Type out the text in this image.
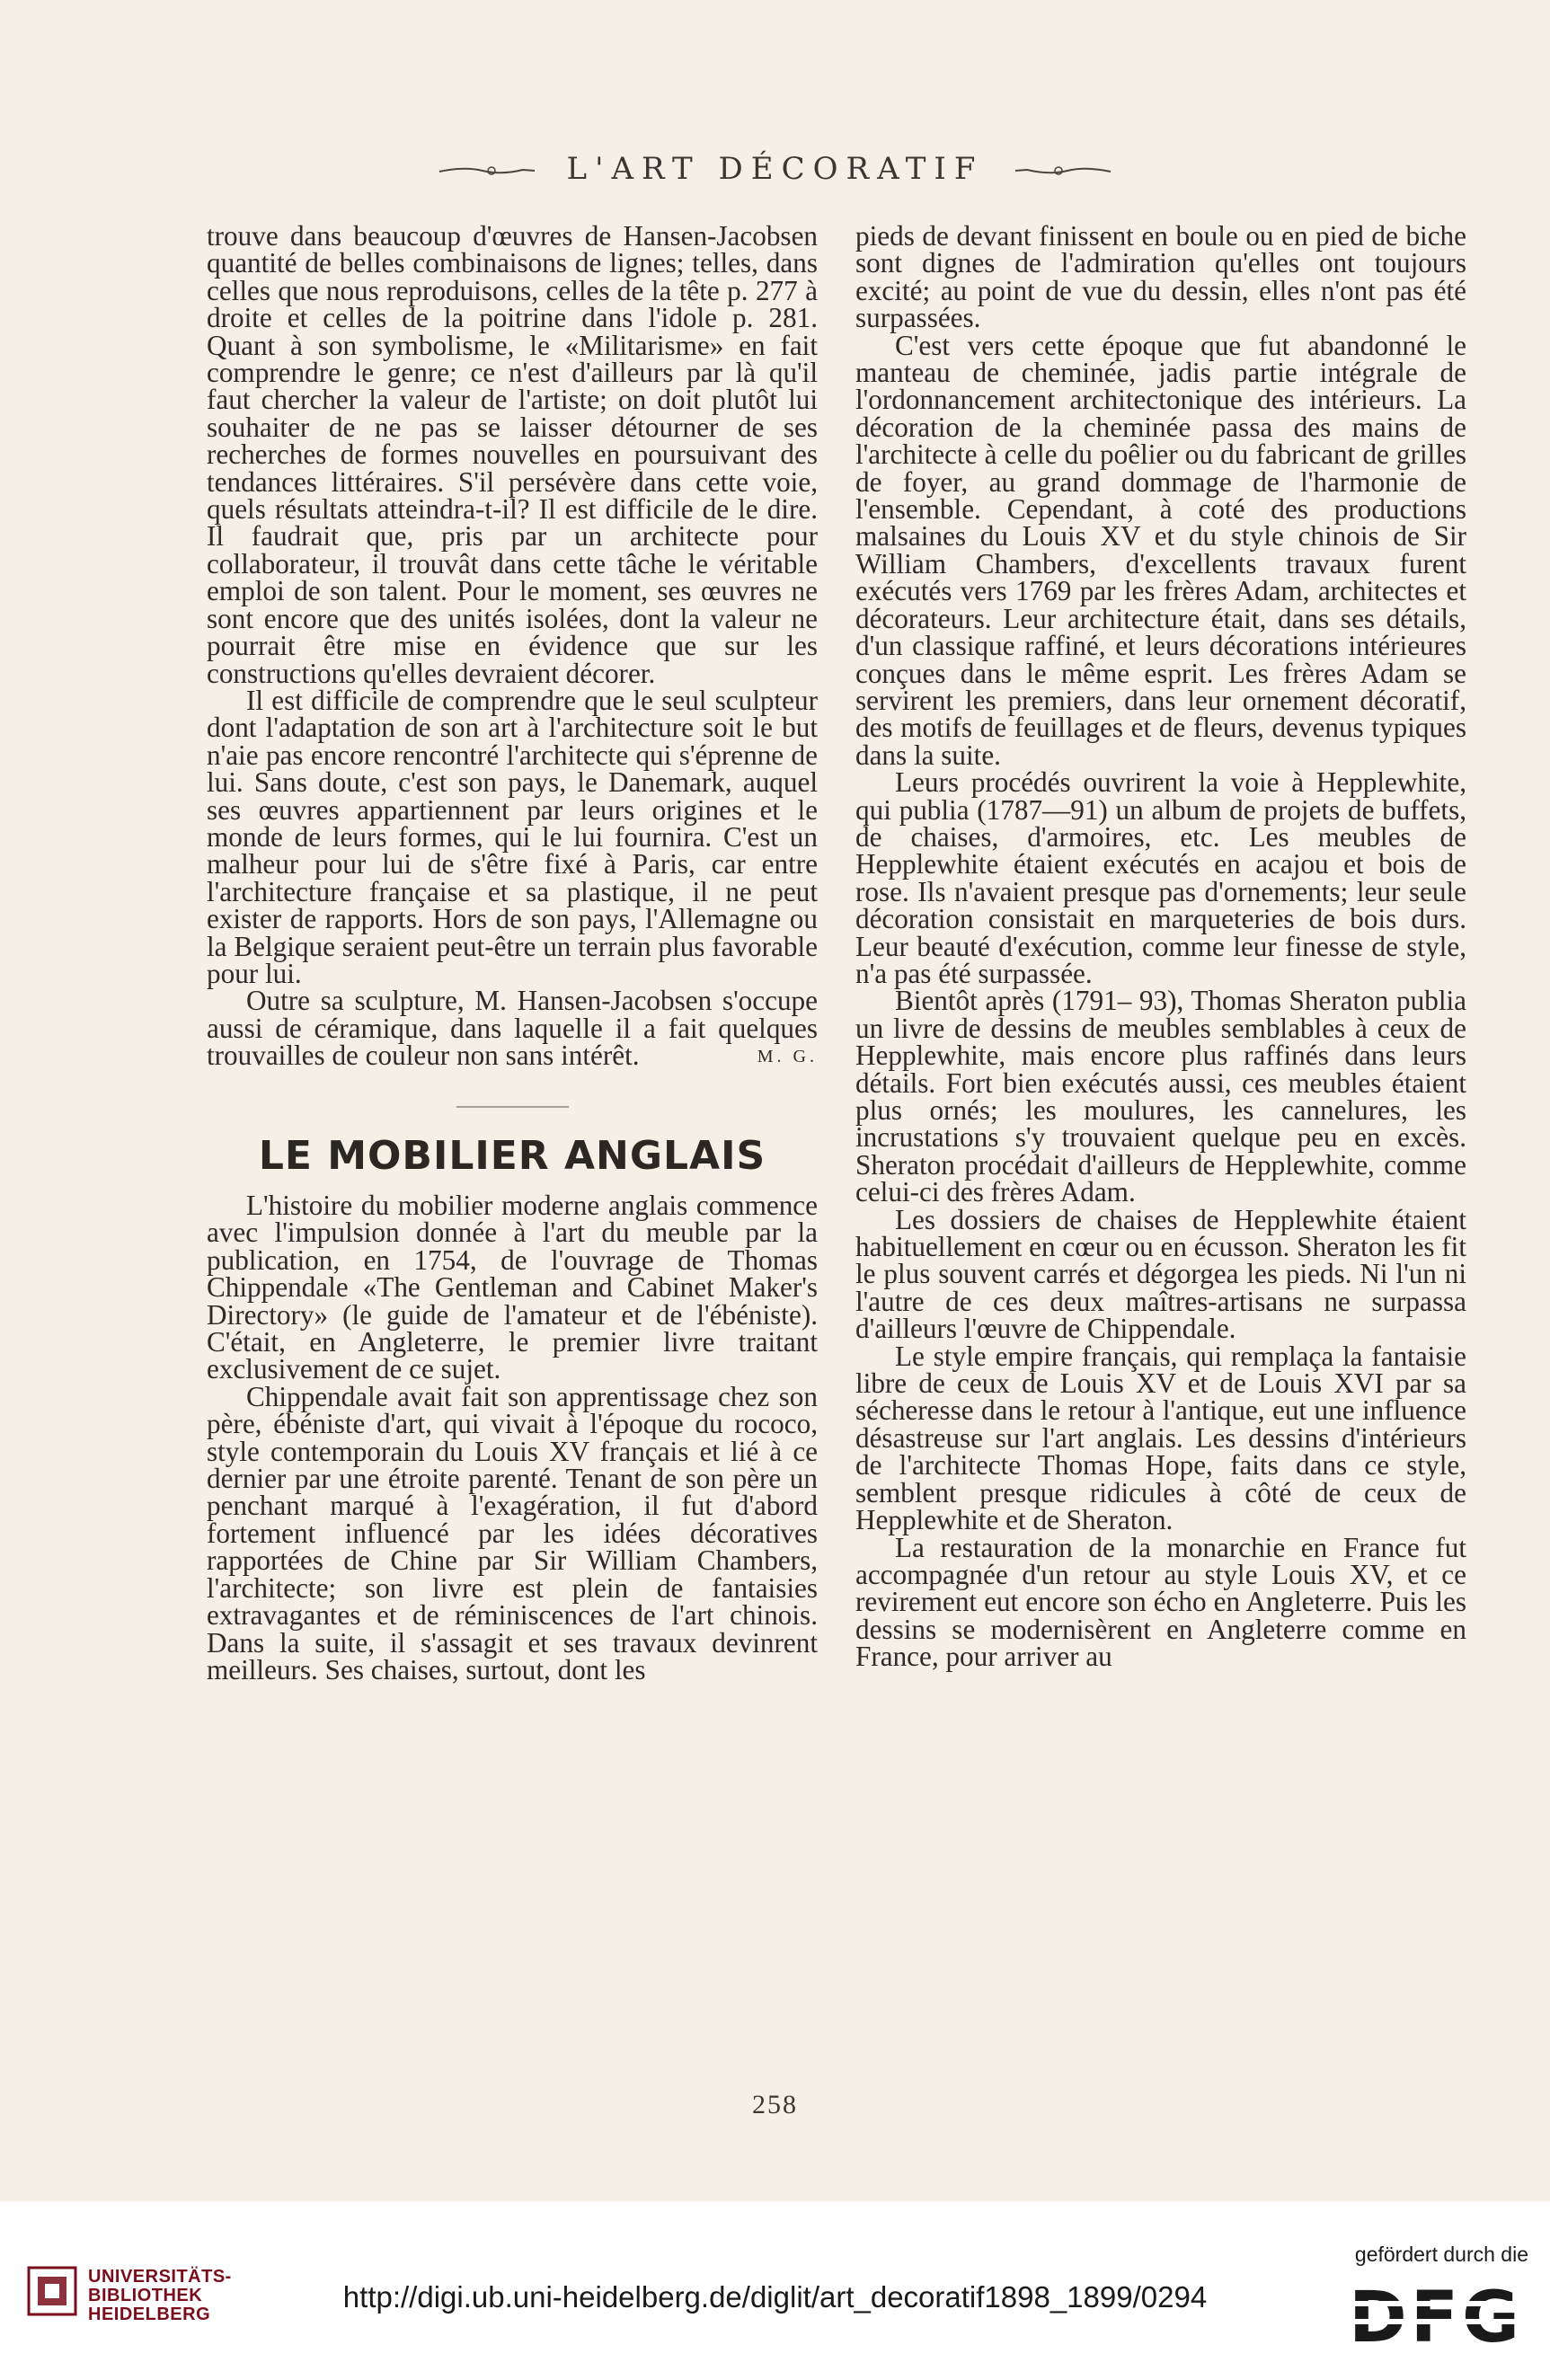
L'ART DÉCORATIF

trouve dans beaucoup d'œuvres de Hansen-Jacobsen quantité de belles combinaisons de lignes; telles, dans celles que nous reproduisons, celles de la tête p. 277 à droite et celles de la poitrine dans l'idole p. 281. Quant à son symbolisme, le «Militarisme» en fait comprendre le genre; ce n'est d'ailleurs par là qu'il faut chercher la valeur de l'artiste; on doit plutôt lui souhaiter de ne pas se laisser détourner de ses recherches de formes nouvelles en poursuivant des tendances littéraires. S'il persévère dans cette voie, quels résultats atteindra-t-il? Il est difficile de le dire. Il faudrait que, pris par un architecte pour collaborateur, il trouvât dans cette tâche le véritable emploi de son talent. Pour le moment, ses œuvres ne sont encore que des unités isolées, dont la valeur ne pourrait être mise en évidence que sur les constructions qu'elles devraient décorer.

Il est difficile de comprendre que le seul sculpteur dont l'adaptation de son art à l'architecture soit le but n'aie pas encore rencontré l'architecte qui s'éprenne de lui. Sans doute, c'est son pays, le Danemark, auquel ses œuvres appartiennent par leurs origines et le monde de leurs formes, qui le lui fournira. C'est un malheur pour lui de s'être fixé à Paris, car entre l'architecture française et sa plastique, il ne peut exister de rapports. Hors de son pays, l'Allemagne ou la Belgique seraient peut-être un terrain plus favorable pour lui.

Outre sa sculpture, M. Hansen-Jacobsen s'occupe aussi de céramique, dans laquelle il a fait quelques trouvailles de couleur non sans intérêt.	M. G.
LE MOBILIER ANGLAIS

L'histoire du mobilier moderne anglais commence avec l'impulsion donnée à l'art du meuble par la publication, en 1754, de l'ouvrage de Thomas Chippendale «The Gentleman and Cabinet Maker's Directory» (le guide de l'amateur et de l'ébéniste). C'était, en Angleterre, le premier livre traitant exclusivement de ce sujet.

Chippendale avait fait son apprentissage chez son père, ébéniste d'art, qui vivait à l'époque du rococo, style contemporain du Louis XV français et lié à ce dernier par une étroite parenté. Tenant de son père un penchant marqué à l'exagération, il fut d'abord fortement influencé par les idées décoratives rapportées de Chine par Sir William Chambers, l'architecte; son livre est plein de fantaisies extravagantes et de réminiscences de l'art chinois. Dans la suite, il s'assagit et ses travaux devinrent meilleurs. Ses chaises, surtout, dont les

pieds de devant finissent en boule ou en pied de biche sont dignes de l'admiration qu'elles ont toujours excité; au point de vue du dessin, elles n'ont pas été surpassées.

C'est vers cette époque que fut abandonné le manteau de cheminée, jadis partie intégrale de l'ordonnancement architectonique des intérieurs. La décoration de la cheminée passa des mains de l'architecte à celle du poêlier ou du fabricant de grilles de foyer, au grand dommage de l'harmonie de l'ensemble. Cependant, à coté des productions malsaines du Louis XV et du style chinois de Sir William Chambers, d'excellents travaux furent exécutés vers 1769 par les frères Adam, architectes et décorateurs. Leur architecture était, dans ses détails, d'un classique raffiné, et leurs décorations intérieures conçues dans le même esprit. Les frères Adam se servirent les premiers, dans leur ornement décoratif, des motifs de feuillages et de fleurs, devenus typiques dans la suite.

Leurs procédés ouvrirent la voie à Hepplewhite, qui publia (1787—91) un album de projets de buffets, de chaises, d'armoires, etc. Les meubles de Hepplewhite étaient exécutés en acajou et bois de rose. Ils n'avaient presque pas d'ornements; leur seule décoration consistait en marqueteries de bois durs. Leur beauté d'exécution, comme leur finesse de style, n'a pas été surpassée.

Bientôt après (1791– 93), Thomas Sheraton publia un livre de dessins de meubles semblables à ceux de Hepplewhite, mais encore plus raffinés dans leurs détails. Fort bien exécutés aussi, ces meubles étaient plus ornés; les moulures, les cannelures, les incrustations s'y trouvaient quelque peu en excès. Sheraton procédait d'ailleurs de Hepplewhite, comme celui-ci des frères Adam.

Les dossiers de chaises de Hepplewhite étaient habituellement en cœur ou en écusson. Sheraton les fit le plus souvent carrés et dégorgea les pieds. Ni l'un ni l'autre de ces deux maîtres-artisans ne surpassa d'ailleurs l'œuvre de Chippendale.

Le style empire français, qui remplaça la fantaisie libre de ceux de Louis XV et de Louis XVI par sa sécheresse dans le retour à l'antique, eut une influence désastreuse sur l'art anglais. Les dessins d'intérieurs de l'architecte Thomas Hope, faits dans ce style, semblent presque ridicules à côté de ceux de Hepplewhite et de Sheraton.

La restauration de la monarchie en France fut accompagnée d'un retour au style Louis XV, et ce revirement eut encore son écho en Angleterre. Puis les dessins se modernisèrent en Angleterre comme en France, pour arriver au

258
UNIVERSITÄTS-
BIBLIOTHEK
HEIDELBERG
http://digi.ub.uni-heidelberg.de/diglit/art_decoratif1898_1899/0294
gefördert durch die
DFG
